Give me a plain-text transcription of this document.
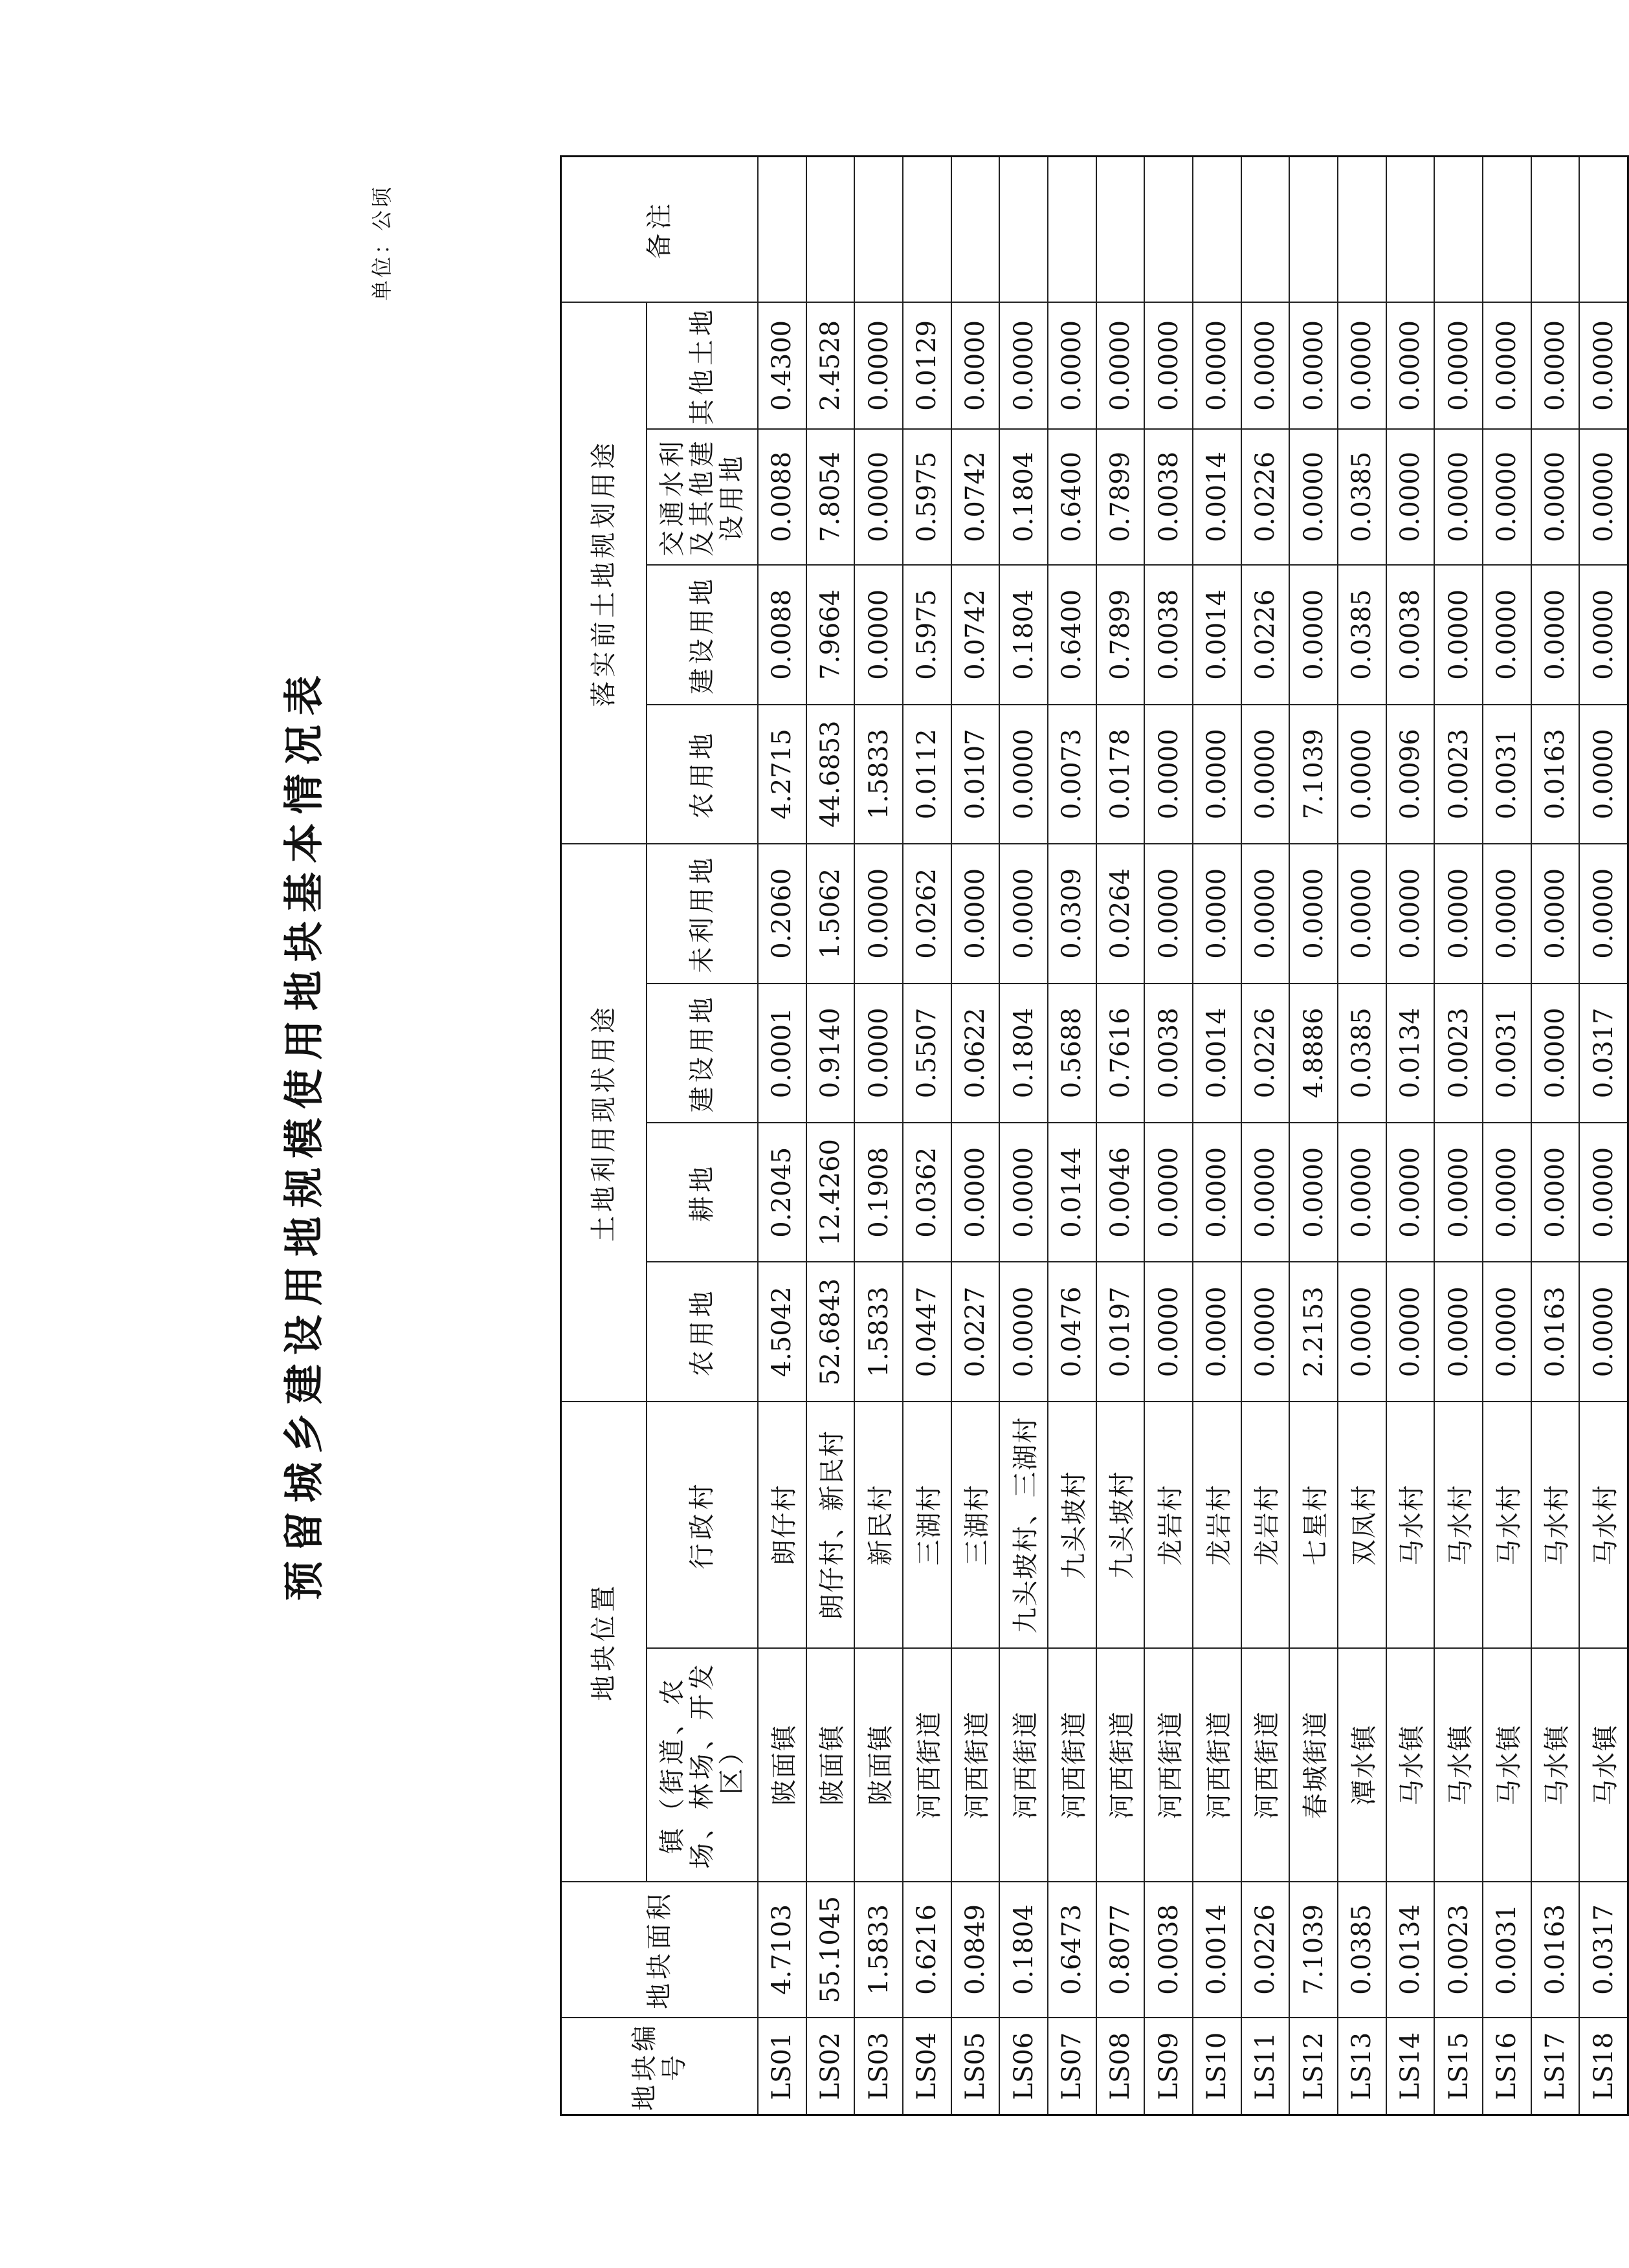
预留城乡建设用地规模使用地块基本情况表
单位：公顷
地块编号	地块面积	地块位置		土地利用现状用途				落实前土地规划用途				备注
		镇（街道、农场、林场、开发区）	行政村	农用地	耕地	建设用地	未利用地	农用地	建设用地	交通水利及其他建设用地	其他土地	

LS01	4.7103	陂面镇	朗仔村	4.5042	0.2045	0.0001	0.2060	4.2715	0.0088	0.0088	0.4300	
LS02	55.1045	陂面镇	朗仔村、新民村	52.6843	12.4260	0.9140	1.5062	44.6853	7.9664	7.8054	2.4528	
LS03	1.5833	陂面镇	新民村	1.5833	0.1908	0.0000	0.0000	1.5833	0.0000	0.0000	0.0000	
LS04	0.6216	河西街道	三湖村	0.0447	0.0362	0.5507	0.0262	0.0112	0.5975	0.5975	0.0129	
LS05	0.0849	河西街道	三湖村	0.0227	0.0000	0.0622	0.0000	0.0107	0.0742	0.0742	0.0000	
LS06	0.1804	河西街道	九头坡村、三湖村	0.0000	0.0000	0.1804	0.0000	0.0000	0.1804	0.1804	0.0000	
LS07	0.6473	河西街道	九头坡村	0.0476	0.0144	0.5688	0.0309	0.0073	0.6400	0.6400	0.0000	
LS08	0.8077	河西街道	九头坡村	0.0197	0.0046	0.7616	0.0264	0.0178	0.7899	0.7899	0.0000	
LS09	0.0038	河西街道	龙岩村	0.0000	0.0000	0.0038	0.0000	0.0000	0.0038	0.0038	0.0000	
LS10	0.0014	河西街道	龙岩村	0.0000	0.0000	0.0014	0.0000	0.0000	0.0014	0.0014	0.0000	
LS11	0.0226	河西街道	龙岩村	0.0000	0.0000	0.0226	0.0000	0.0000	0.0226	0.0226	0.0000	
LS12	7.1039	春城街道	七星村	2.2153	0.0000	4.8886	0.0000	7.1039	0.0000	0.0000	0.0000	
LS13	0.0385	潭水镇	双凤村	0.0000	0.0000	0.0385	0.0000	0.0000	0.0385	0.0385	0.0000	
LS14	0.0134	马水镇	马水村	0.0000	0.0000	0.0134	0.0000	0.0096	0.0038	0.0000	0.0000	
LS15	0.0023	马水镇	马水村	0.0000	0.0000	0.0023	0.0000	0.0023	0.0000	0.0000	0.0000	
LS16	0.0031	马水镇	马水村	0.0000	0.0000	0.0031	0.0000	0.0031	0.0000	0.0000	0.0000	
LS17	0.0163	马水镇	马水村	0.0163	0.0000	0.0000	0.0000	0.0163	0.0000	0.0000	0.0000	
LS18	0.0317	马水镇	马水村	0.0000	0.0000	0.0317	0.0000	0.0000	0.0000	0.0000	0.0000	
